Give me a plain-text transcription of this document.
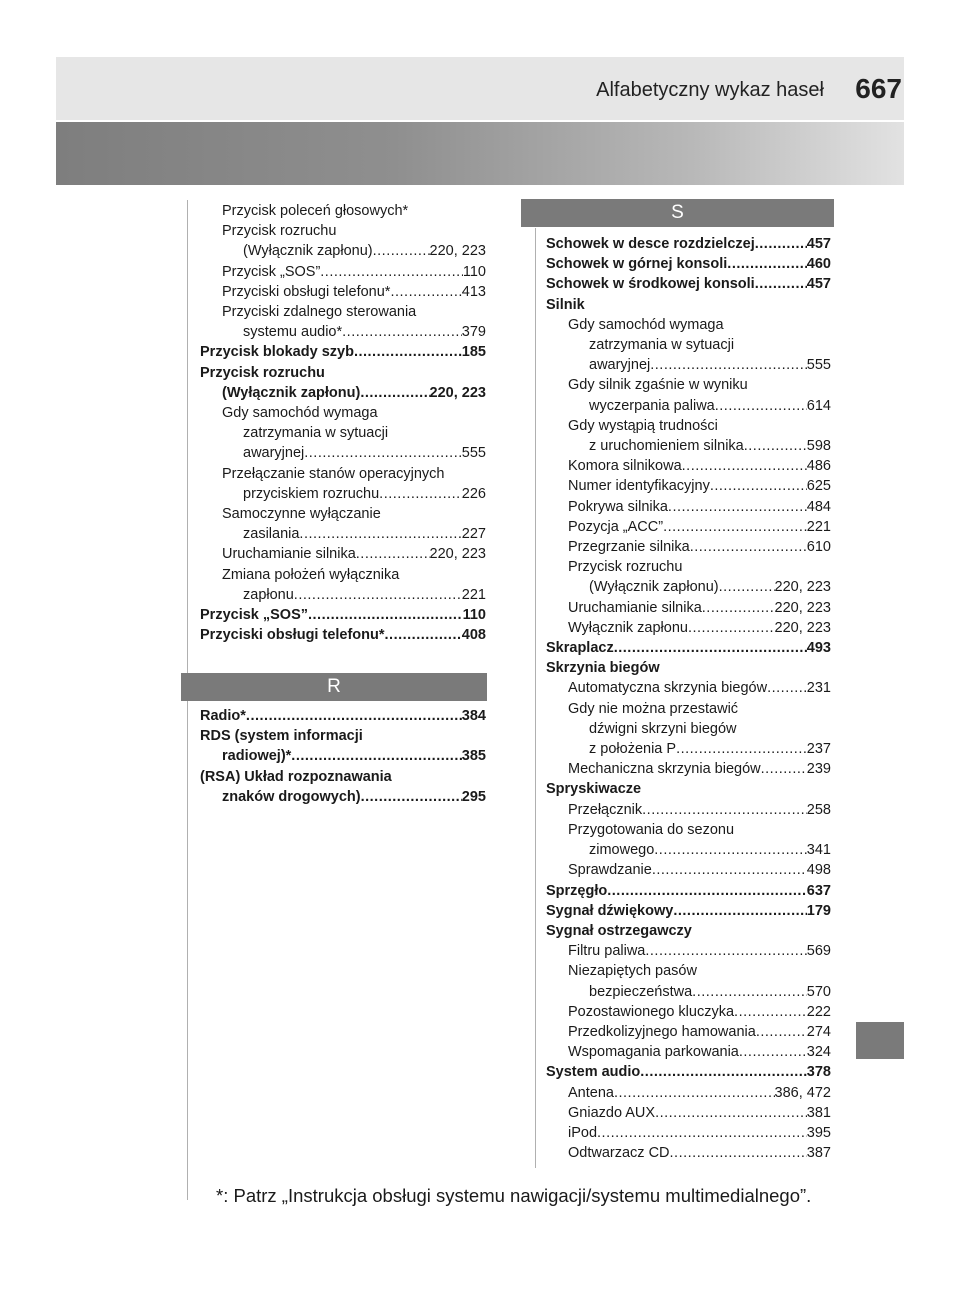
Alfabetyczny wykaz haseł 667
Przycisk poleceń głosowych*
Przycisk rozruchu
(Wyłącznik zapłonu) .....	220, 223
Przycisk „SOS” .....	110
Przyciski obsługi telefonu* .....	413
Przyciski zdalnego sterowania
systemu audio* .....	379
Przycisk blokady szyb .....	185
Przycisk rozruchu
(Wyłącznik zapłonu) .....	220, 223
Gdy samochód wymaga
zatrzymania w sytuacji
awaryjnej .....	555
Przełączanie stanów operacyjnych
przyciskiem rozruchu .....	226
Samoczynne wyłączanie
zasilania .....	227
Uruchamianie silnika .....	220, 223
Zmiana położeń wyłącznika
zapłonu .....	221
Przycisk „SOS” .....	110
Przyciski obsługi telefonu* .....	408
R
Radio* .....	384
RDS (system informacji
radiowej)* .....	385
(RSA) Układ rozpoznawania
znaków drogowych) .....	295
S
Schowek w desce rozdzielczej .....	457
Schowek w górnej konsoli .....	460
Schowek w środkowej konsoli .....	457
Silnik
Gdy samochód wymaga
zatrzymania w sytuacji
awaryjnej .....	555
Gdy silnik zgaśnie w wyniku
wyczerpania paliwa .....	614
Gdy wystąpią trudności
z uruchomieniem silnika .....	598
Komora silnikowa .....	486
Numer identyfikacyjny .....	625
Pokrywa silnika .....	484
Pozycja „ACC” .....	221
Przegrzanie silnika .....	610
Przycisk rozruchu
(Wyłącznik zapłonu) .....	220, 223
Uruchamianie silnika .....	220, 223
Wyłącznik zapłonu .....	220, 223
Skraplacz .....	493
Skrzynia biegów
Automatyczna skrzynia biegów .....	231
Gdy nie można przestawić
dźwigni skrzyni biegów
z położenia P .....	237
Mechaniczna skrzynia biegów .....	239
Spryskiwacze
Przełącznik .....	258
Przygotowania do sezonu
zimowego .....	341
Sprawdzanie .....	498
Sprzęgło .....	637
Sygnał dźwiękowy .....	179
Sygnał ostrzegawczy
Filtru paliwa .....	569
Niezapiętych pasów
bezpieczeństwa .....	570
Pozostawionego kluczyka .....	222
Przedkolizyjnego hamowania .....	274
Wspomagania parkowania .....	324
System audio .....	378
Antena .....	386, 472
Gniazdo AUX .....	381
iPod .....	395
Odtwarzacz CD .....	387
*: Patrz „Instrukcja obsługi systemu nawigacji/systemu multimedialnego”.
